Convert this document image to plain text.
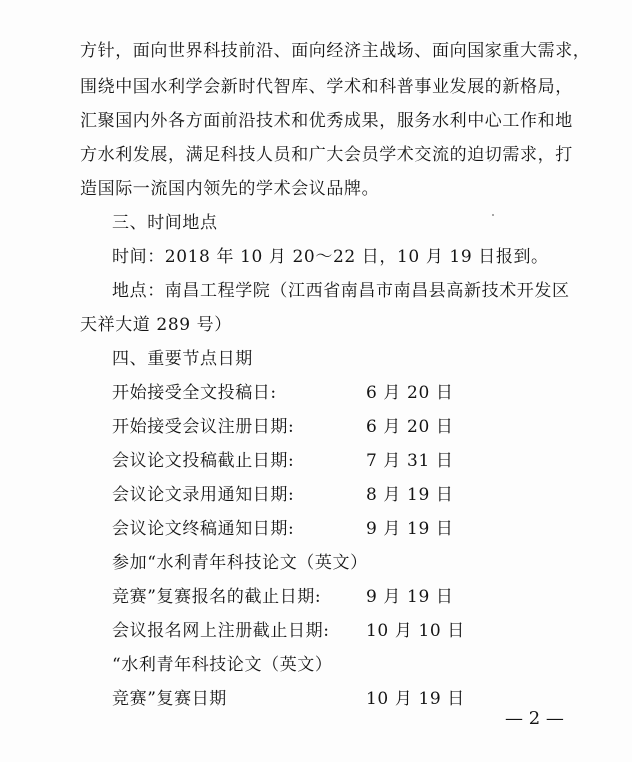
方针，面向世界科技前沿、面向经济主战场、面向国家重大需求，
围绕中国水利学会新时代智库、学术和科普事业发展的新格局，
汇聚国内外各方面前沿技术和优秀成果，服务水利中心工作和地
方水利发展，满足科技人员和广大会员学术交流的迫切需求，打
造国际一流国内领先的学术会议品牌。
三、时间地点
时间：2018 年 10 月 20～22 日，10 月 19 日报到。
地点：南昌工程学院（江西省南昌市南昌县高新技术开发区
天祥大道 289 号）
四、重要节点日期
开始接受全文投稿日:	6 月 20 日
开始接受会议注册日期:	6 月 20 日
会议论文投稿截止日期:	7 月 31 日
会议论文录用通知日期:	8 月 19 日
会议论文终稿通知日期:	9 月 19 日
参加“水利青年科技论文（英文）
竞赛”复赛报名的截止日期:	9 月 19 日
会议报名网上注册截止日期: 10 月 10 日
“水利青年科技论文（英文）
竞赛”复赛日期	10 月 19 日
— 2 —
